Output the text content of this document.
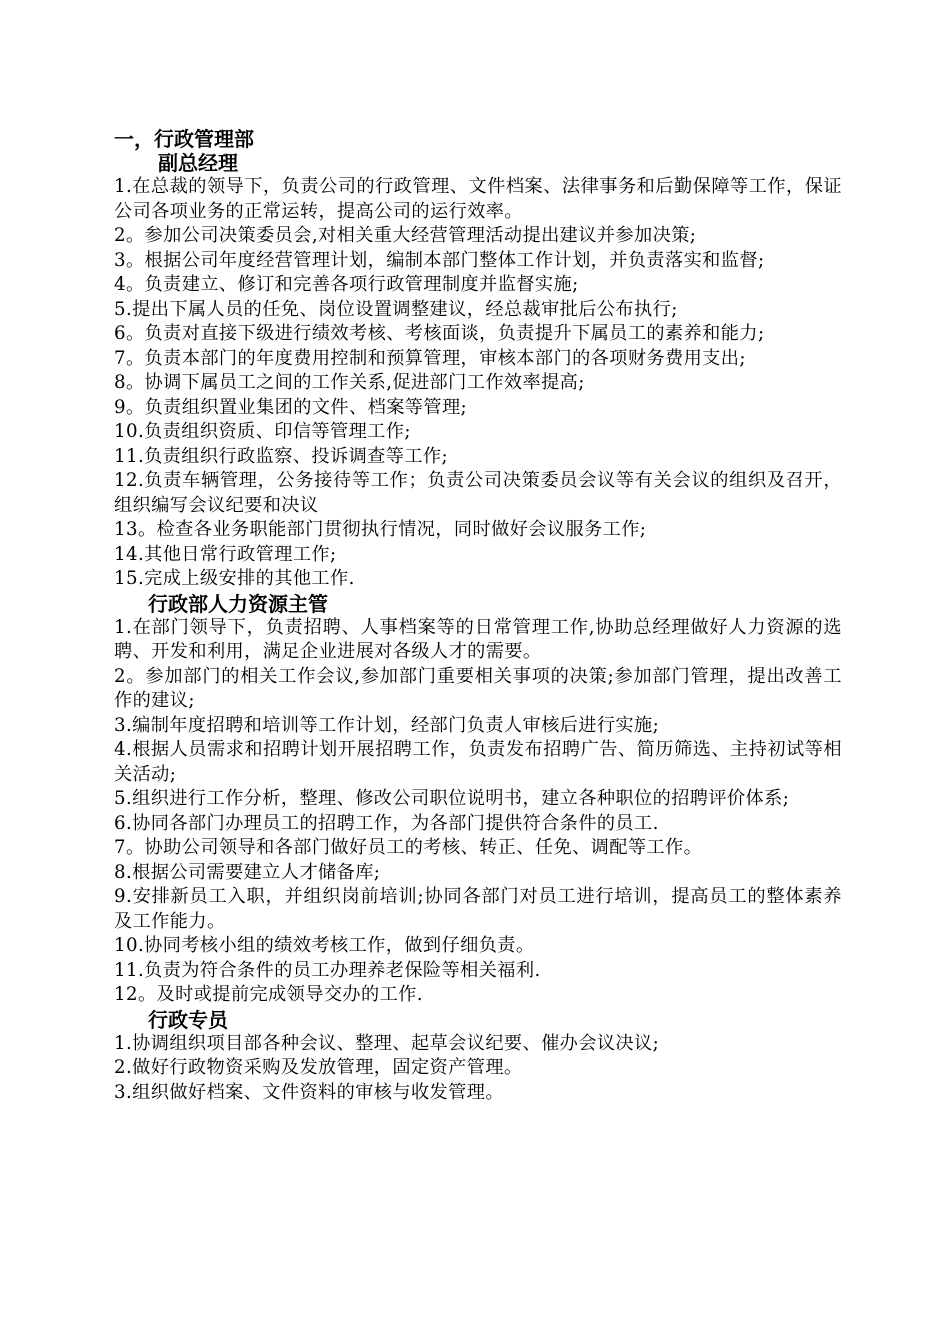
一，行政管理部
副总经理

1.在总裁的领导下，负责公司的行政管理、文件档案、法律事务和后勤保障等工作，保证公司各项业务的正常运转，提高公司的运行效率。

2。参加公司决策委员会,对相关重大经营管理活动提出建议并参加决策;

3。根据公司年度经营管理计划，编制本部门整体工作计划，并负责落实和监督;

4。负责建立、修订和完善各项行政管理制度并监督实施;

5.提出下属人员的任免、岗位设置调整建议，经总裁审批后公布执行;

6。负责对直接下级进行绩效考核、考核面谈，负责提升下属员工的素养和能力;

7。负责本部门的年度费用控制和预算管理，审核本部门的各项财务费用支出;

8。协调下属员工之间的工作关系,促进部门工作效率提高;

9。负责组织置业集团的文件、档案等管理;

10.负责组织资质、印信等管理工作;

11.负责组织行政监察、投诉调查等工作;

12.负责车辆管理，公务接待等工作；负责公司决策委员会议等有关会议的组织及召开，组织编写会议纪要和决议

13。检查各业务职能部门贯彻执行情况，同时做好会议服务工作;

14.其他日常行政管理工作;

15.完成上级安排的其他工作.

行政部人力资源主管

1.在部门领导下，负责招聘、人事档案等的日常管理工作,协助总经理做好人力资源的选聘、开发和利用，满足企业进展对各级人才的需要。

2。参加部门的相关工作会议,参加部门重要相关事项的决策;参加部门管理，提出改善工作的建议;

3.编制年度招聘和培训等工作计划，经部门负责人审核后进行实施;

4.根据人员需求和招聘计划开展招聘工作，负责发布招聘广告、简历筛选、主持初试等相关活动;

5.组织进行工作分析，整理、修改公司职位说明书，建立各种职位的招聘评价体系;

6.协同各部门办理员工的招聘工作，为各部门提供符合条件的员工.

7。协助公司领导和各部门做好员工的考核、转正、任免、调配等工作。

8.根据公司需要建立人才储备库;

9.安排新员工入职，并组织岗前培训;协同各部门对员工进行培训，提高员工的整体素养及工作能力。

10.协同考核小组的绩效考核工作，做到仔细负责。

11.负责为符合条件的员工办理养老保险等相关福利.

12。及时或提前完成领导交办的工作.

行政专员

1.协调组织项目部各种会议、整理、起草会议纪要、催办会议决议;

2.做好行政物资采购及发放管理，固定资产管理。

3.组织做好档案、文件资料的审核与收发管理。
